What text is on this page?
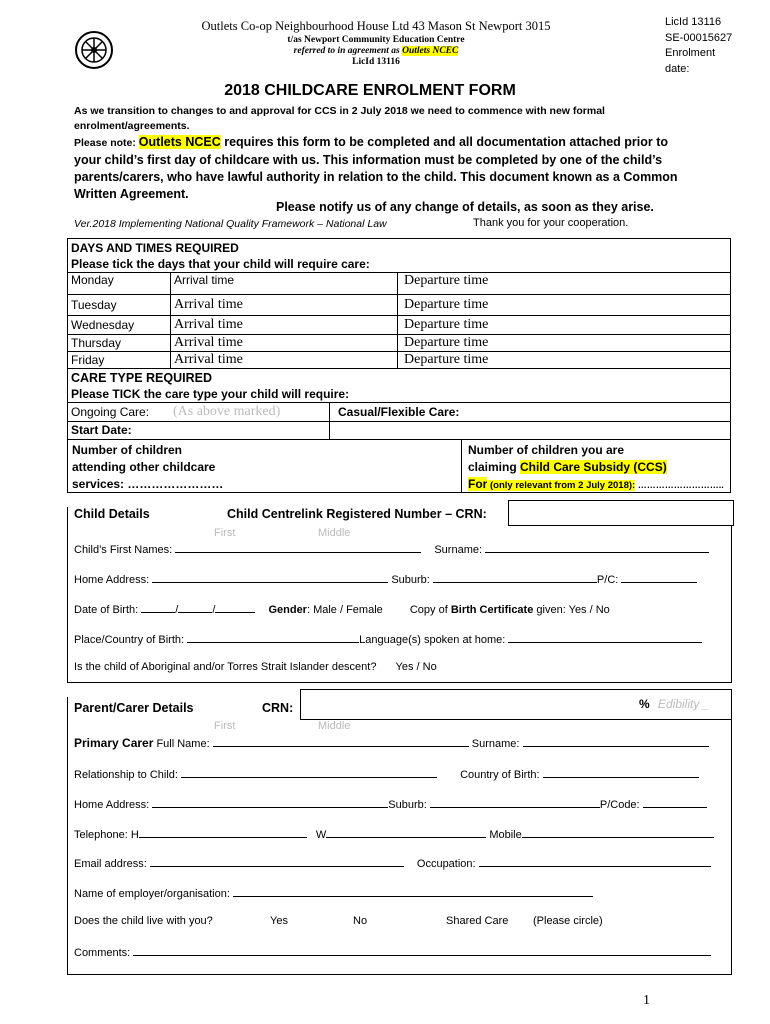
Outlets Co-op Neighbourhood House Ltd 43 Mason St Newport 3015
t/as Newport Community Education Centre
referred to in agreement as Outlets NCEC
LicId 13116
LicId 13116
SE-00015627
Enrolment
date:
2018 CHILDCARE ENROLMENT FORM
As we transition to changes to and approval for CCS in 2 July 2018 we need to commence with new formal enrolment/agreements.
Please note: Outlets NCEC requires this form to be completed and all documentation attached prior to your child’s first day of childcare with us. This information must be completed by one of the child’s parents/carers, who have lawful authority in relation to the child. This document known as a Common Written Agreement.
Please notify us of any change of details, as soon as they arise.
Ver.2018 Implementing National Quality Framework – National Law	Thank you for your cooperation.
DAYS AND TIMES REQUIRED		
Please tick the days that your child will require care:		
Monday	Arrival time	Departure time
Tuesday	Arrival time	Departure time
Wednesday	Arrival time	Departure time
Thursday	Arrival time	Departure time
Friday	Arrival time	Departure time
CARE TYPE REQUIRED		
Please TICK the care type your child will require:		
Ongoing Care:	(As above marked)	Casual/Flexible Care:
Start Date:		
Number of children
attending other childcare
services: ……………………
Number of children you are
claiming Child Care Subsidy (CCS)
For (only relevant from 2 July 2018): ………………………..
Child Details	Child Centrelink Registered Number – CRN:
First	Middle
Child’s First Names:	Surname:
Home Address:	Suburb:	P/C:
Date of Birth:	/	/	Gender: Male / Female Copy of Birth Certificate given: Yes / No
Place/Country of Birth:	Language(s) spoken at home:
Is the child of Aboriginal and/or Torres Strait Islander descent? Yes / No
Parent/Carer Details	CRN:	% Edibility _
First	Middle
Primary Carer Full Name:	Surname:
Relationship to Child:	Country of Birth:
Home Address:	Suburb:	P/Code:
Telephone: H	W	Mobile
Email address:	Occupation:
Name of employer/organisation:
Does the child live with you?	Yes	No	Shared Care (Please circle)
Comments:
1
